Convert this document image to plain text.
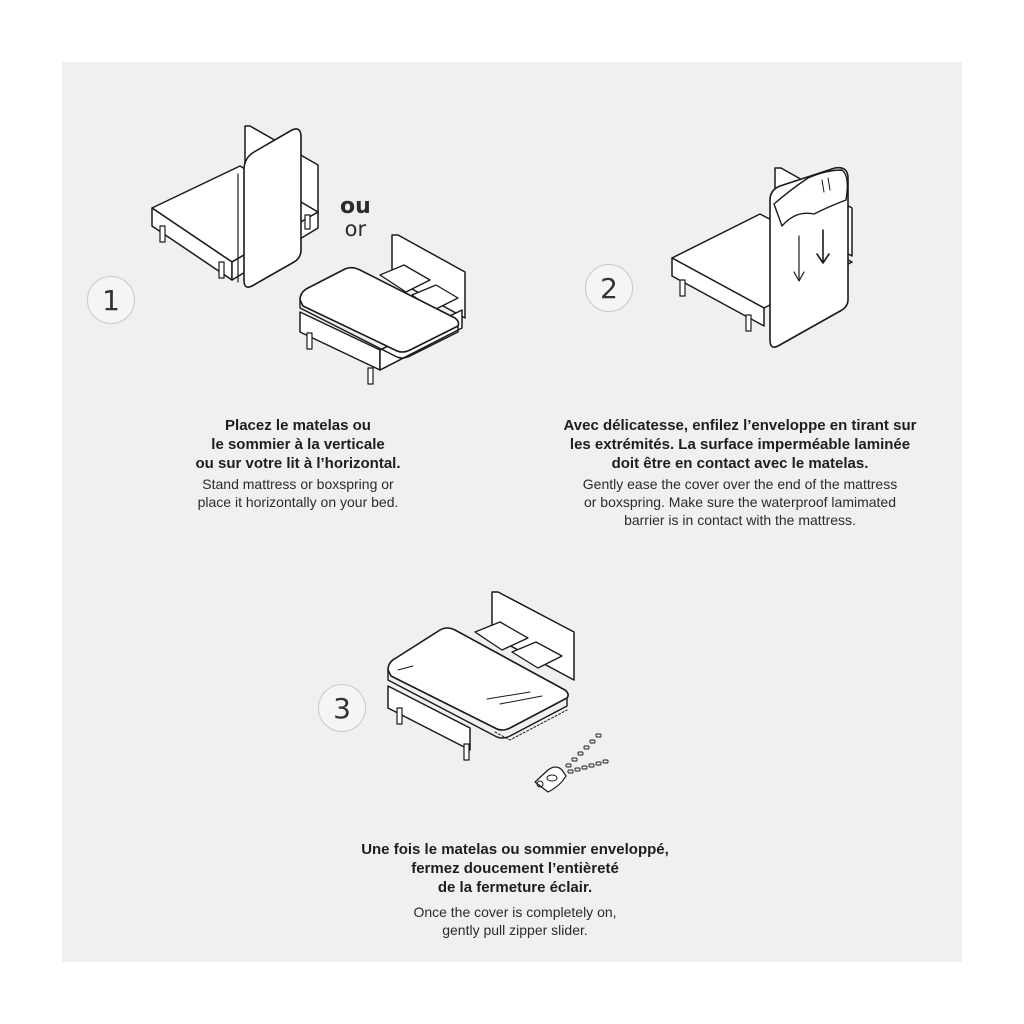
1
ou
or
Placez le matelas ou
le sommier à la verticale
ou sur votre lit à l’horizontal.
Stand mattress or boxspring or
place it horizontally on your bed.
2
Avec délicatesse, enfilez l’enveloppe en tirant sur
les extrémités. La surface imperméable laminée
doit être en contact avec le matelas.
Gently ease the cover over the end of the mattress
or boxspring. Make sure the waterproof lamimated
barrier is in contact with the mattress.
3
Une fois le matelas ou sommier enveloppé,
fermez doucement l’entièreté
de la fermeture éclair.
Once the cover is completely on,
gently pull zipper slider.
